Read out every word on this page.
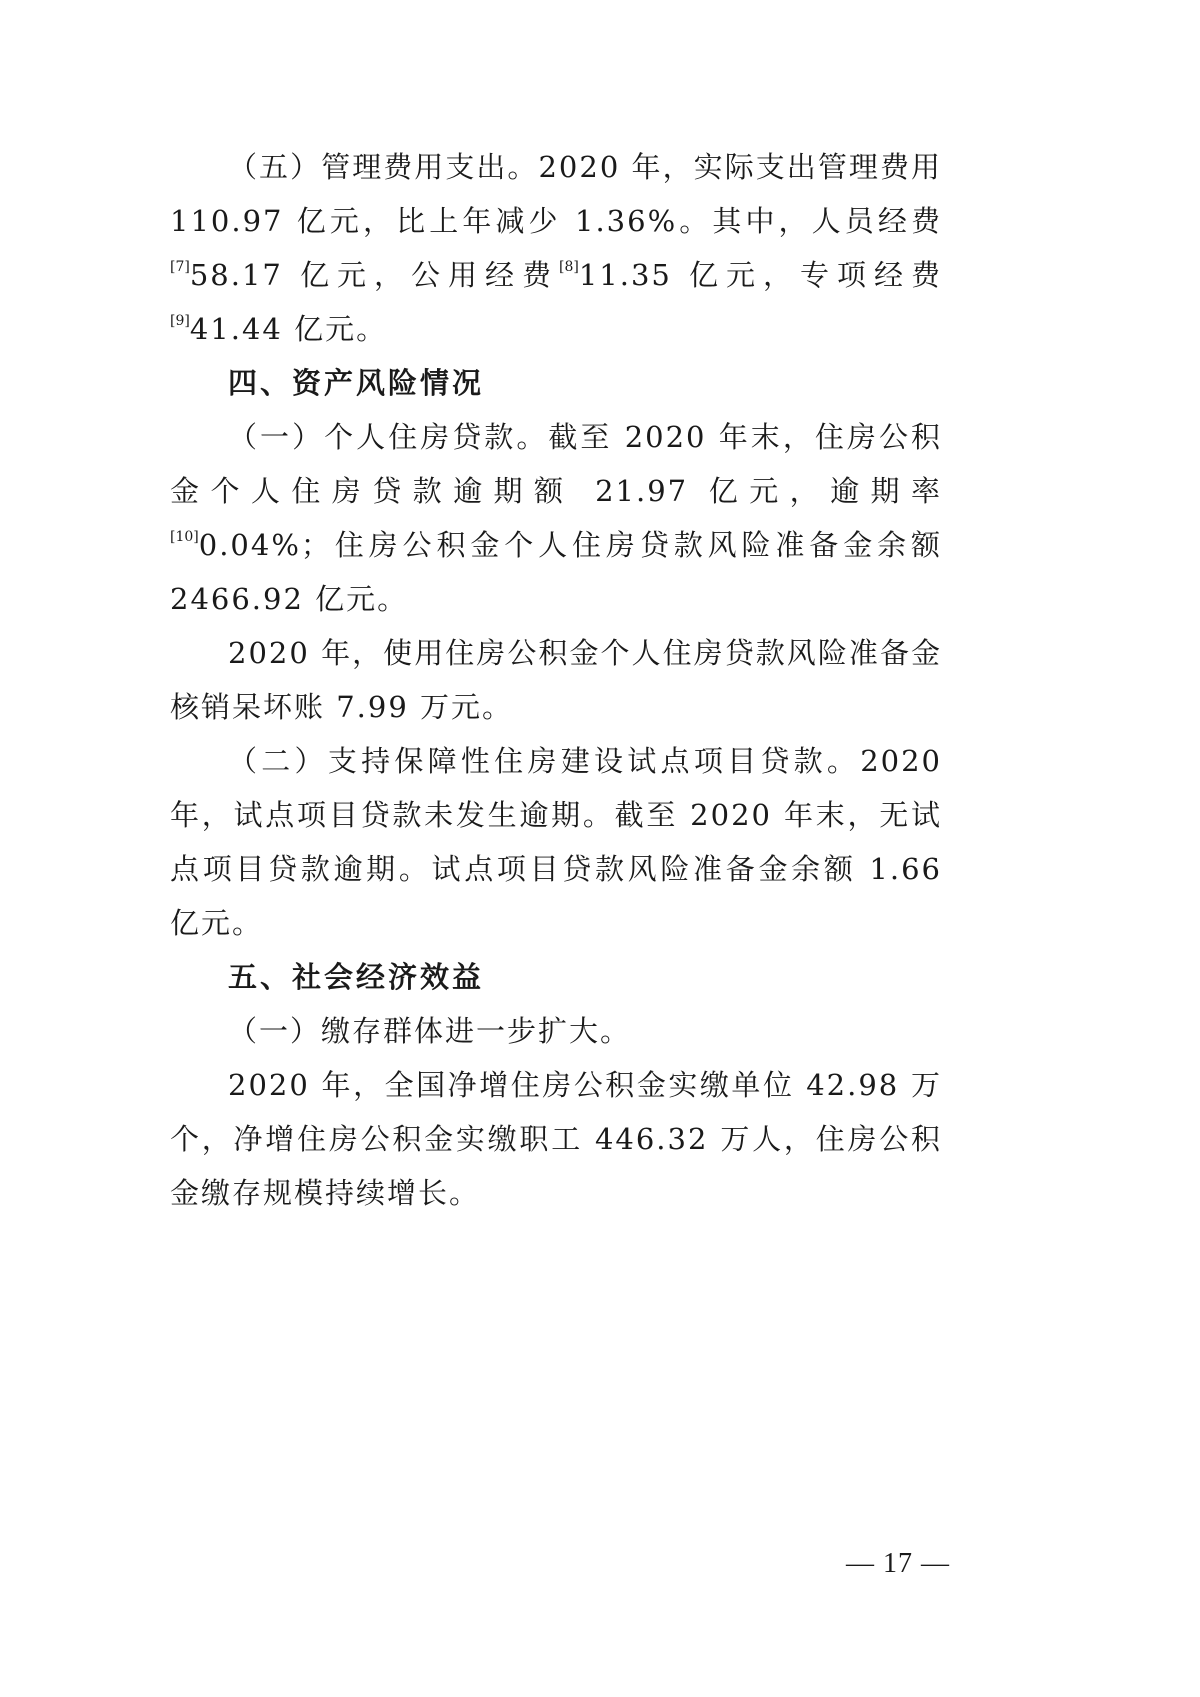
（五）管理费用支出。2020 年，实际支出管理费用 110.97 亿元，比上年减少 1.36%。其中，人员经费[7]58.17 亿元，公用经费[8]11.35 亿元，专项经费[9]41.44 亿元。

四、资产风险情况

（一）个人住房贷款。截至 2020 年末，住房公积金个人住房贷款逾期额 21.97 亿元，逾期率[10]0.04%；住房公积金个人住房贷款风险准备金余额 2466.92 亿元。

2020 年，使用住房公积金个人住房贷款风险准备金核销呆坏账 7.99 万元。

（二）支持保障性住房建设试点项目贷款。2020 年，试点项目贷款未发生逾期。截至 2020 年末，无试点项目贷款逾期。试点项目贷款风险准备金余额 1.66 亿元。

五、社会经济效益

（一）缴存群体进一步扩大。

2020 年，全国净增住房公积金实缴单位 42.98 万个，净增住房公积金实缴职工 446.32 万人，住房公积金缴存规模持续增长。

— 17 —
